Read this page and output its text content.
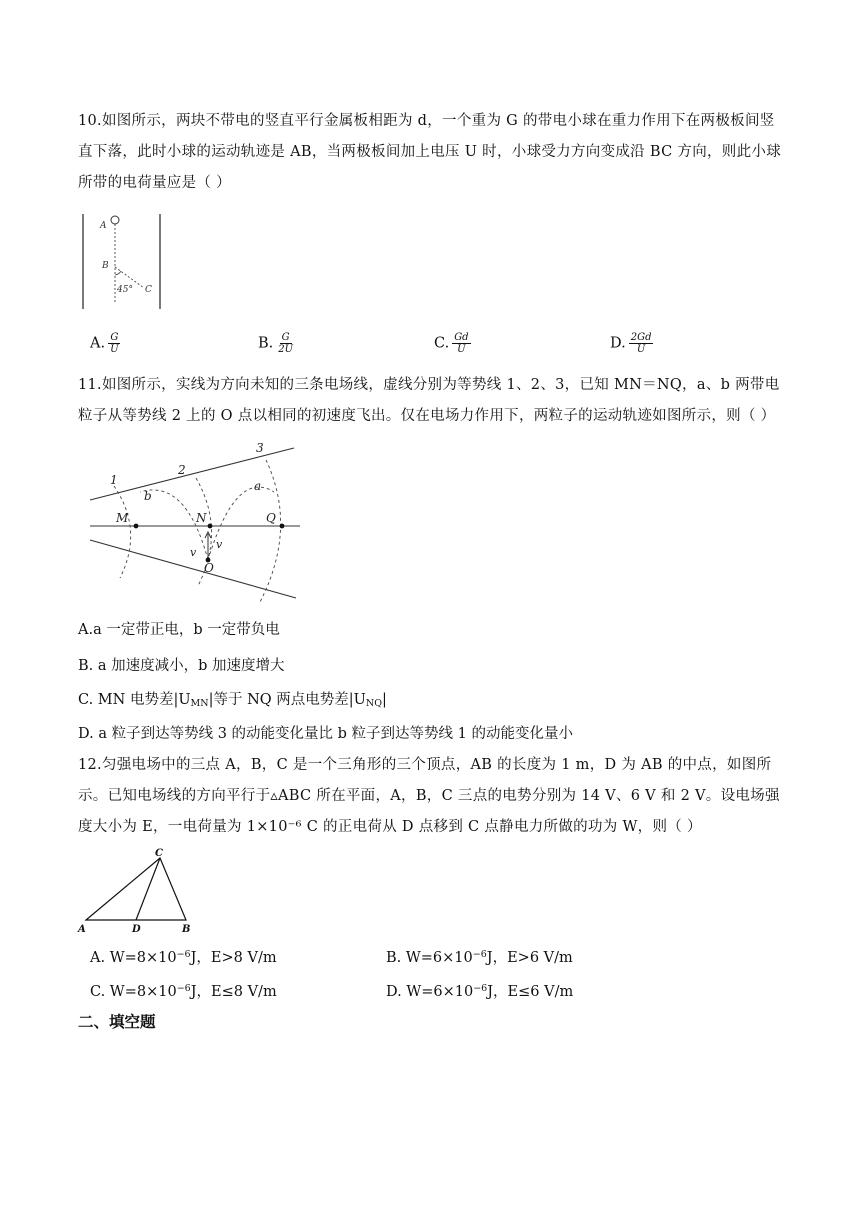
10.如图所示，两块不带电的竖直平行金属板相距为 d，一个重为 G 的带电小球在重力作用下在两极板间竖直下落，此时小球的运动轨迹是 AB，当两极板间加上电压 U 时，小球受力方向变成沿 BC 方向，则此小球所带的电荷量应是（ ）
A
B
C
45°
A. $\frac{G}{U}$	B. $\frac{G}{2U}$	C. $\frac{Gd}{U}$	D. $\frac{2Gd}{U}$
11.如图所示，实线为方向未知的三条电场线，虚线分别为等势线 1、2、3，已知 MN＝NQ，a、b 两带电粒子从等势线 2 上的 O 点以相同的初速度飞出。仅在电场力作用下，两粒子的运动轨迹如图所示，则（ ）
1
2
3
b
a
M	N	Q
O
v
v
A.a 一定带正电，b 一定带负电
B. a 加速度减小，b 加速度增大
C. MN 电势差$|U_{MN}|$等于 NQ 两点电势差$|U_{NQ}|$
D. a 粒子到达等势线 3 的动能变化量比 b 粒子到达等势线 1 的动能变化量小
12.匀强电场中的三点 A，B，C 是一个三角形的三个顶点，AB 的长度为 1 m，D 为 AB 的中点，如图所示。已知电场线的方向平行于▵ABC 所在平面，A，B，C 三点的电势分别为 14 V、6 V 和 2 V。设电场强度大小为 E，一电荷量为 1×10⁻⁶ C 的正电荷从 D 点移到 C 点静电力所做的功为 W，则（ ）
A	D	B
C
A. $W=8\times 10^{-6}J$，E>8 V/m	B. $W=6\times 10^{-6}J$，E>6 V/m
C. $W=8\times 10^{-6}J$，E≤8 V/m	D. $W=6\times 10^{-6}J$，E≤6 V/m
二、填空题
